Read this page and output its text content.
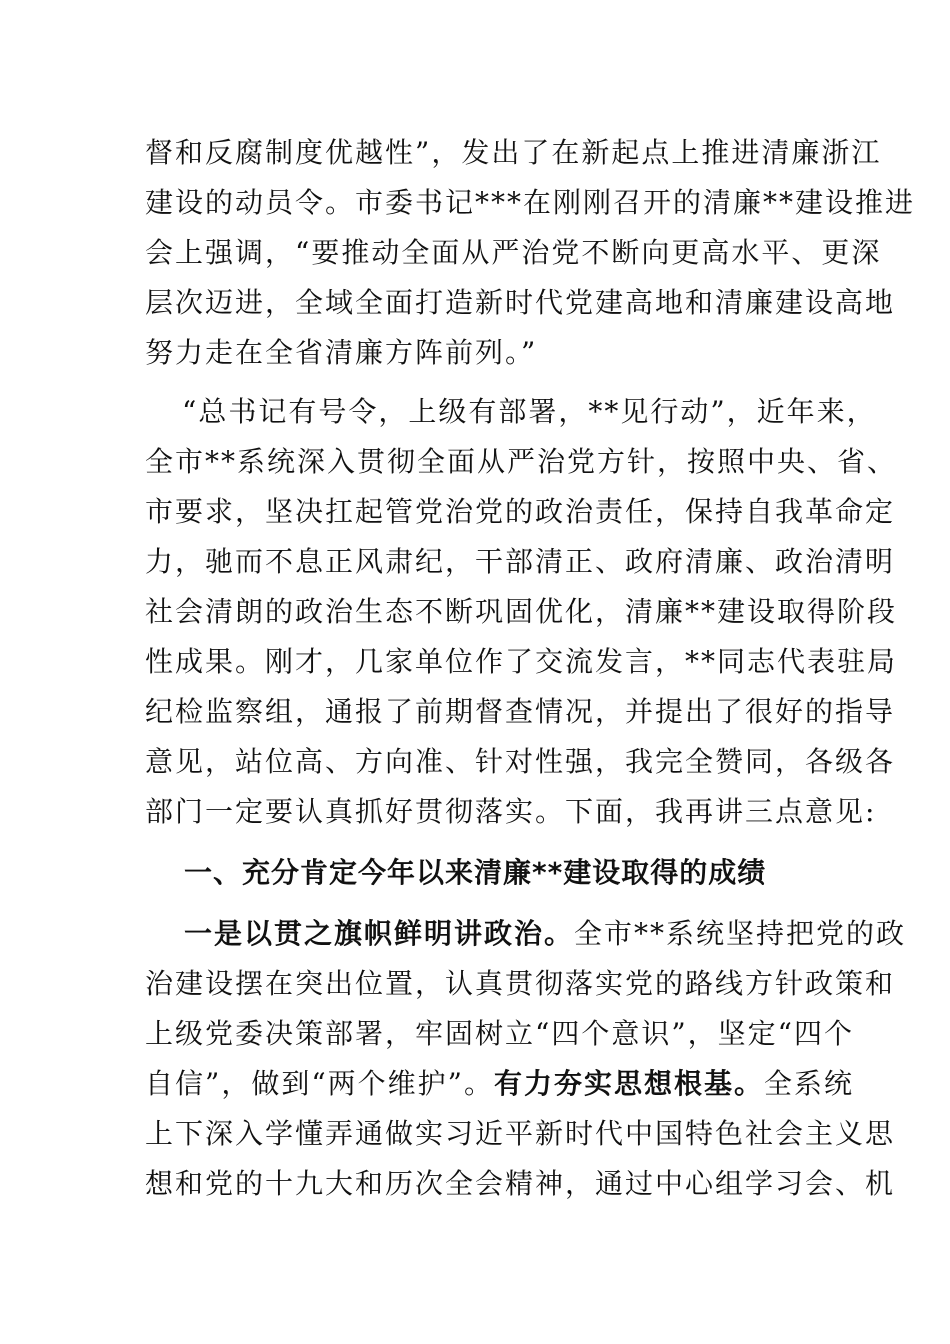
督和反腐制度优越性”，发出了在新起点上推进清廉浙江

建设的动员令。市委书记***在刚刚召开的清廉**建设推进

会上强调，“要推动全面从严治党不断向更高水平、更深

层次迈进，全域全面打造新时代党建高地和清廉建设高地

努力走在全省清廉方阵前列。”

“总书记有号令，上级有部署，**见行动”，近年来，

全市**系统深入贯彻全面从严治党方针，按照中央、省、

市要求，坚决扛起管党治党的政治责任，保持自我革命定

力，驰而不息正风肃纪，干部清正、政府清廉、政治清明

社会清朗的政治生态不断巩固优化，清廉**建设取得阶段

性成果。刚才，几家单位作了交流发言，**同志代表驻局

纪检监察组，通报了前期督查情况，并提出了很好的指导

意见，站位高、方向准、针对性强，我完全赞同，各级各

部门一定要认真抓好贯彻落实。下面，我再讲三点意见:

一、充分肯定今年以来清廉**建设取得的成绩

一是以贯之旗帜鲜明讲政治。全市**系统坚持把党的政

治建设摆在突出位置，认真贯彻落实党的路线方针政策和

上级党委决策部署，牢固树立“四个意识”，坚定“四个

自信”，做到“两个维护”。有力夯实思想根基。全系统

上下深入学懂弄通做实习近平新时代中国特色社会主义思

想和党的十九大和历次全会精神，通过中心组学习会、机
